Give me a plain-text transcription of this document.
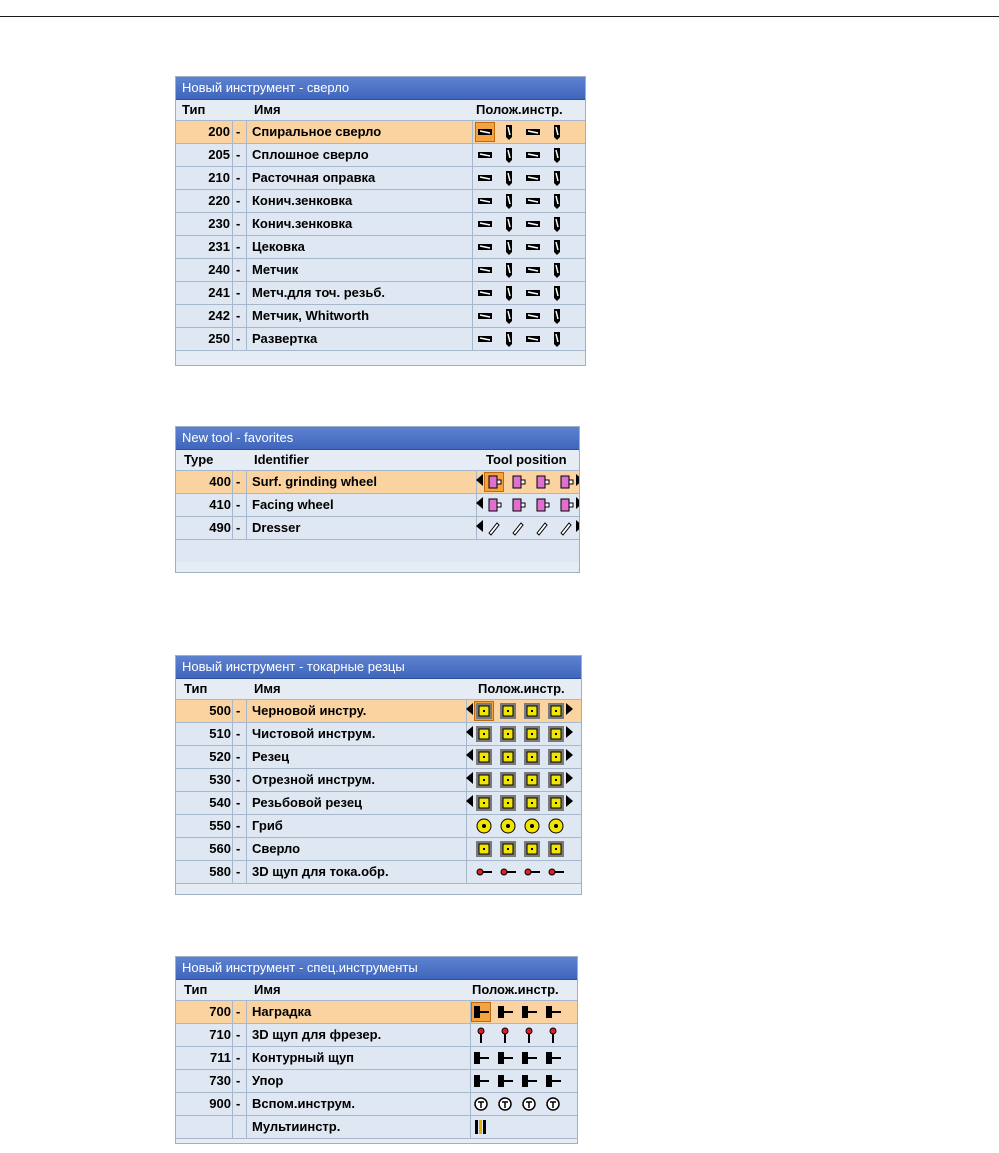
Новый инструмент - сверло
Тип	Имя	Полож.инстр.
200 - Спиральное сверло
205 - Сплошное сверло
210 - Расточная оправка
220 - Конич.зенковка
230 - Конич.зенковка
231 - Цековка
240 - Метчик
241 - Метч.для точ. резьб.
242 - Метчик, Whitworth
250 - Развертка
New tool - favorites
Type	Identifier	Tool position
400 - Surf. grinding wheel
410 - Facing wheel
490 - Dresser
Новый инструмент - токарные резцы
Тип	Имя	Полож.инстр.
500 - Черновой инстру.
510 - Чистовой инструм.
520 - Резец
530 - Отрезной инструм.
540 - Резьбовой резец
550 - Гриб
560 - Сверло
580 - 3D щуп для тока.обр.
Новый инструмент - спец.инструменты
Тип	Имя	Полож.инстр.
700 - Наградка
710 - 3D щуп для фрезер.
711 - Контурный щуп
730 - Упор
900 - Вспом.инструм.
Мультиинстр.
